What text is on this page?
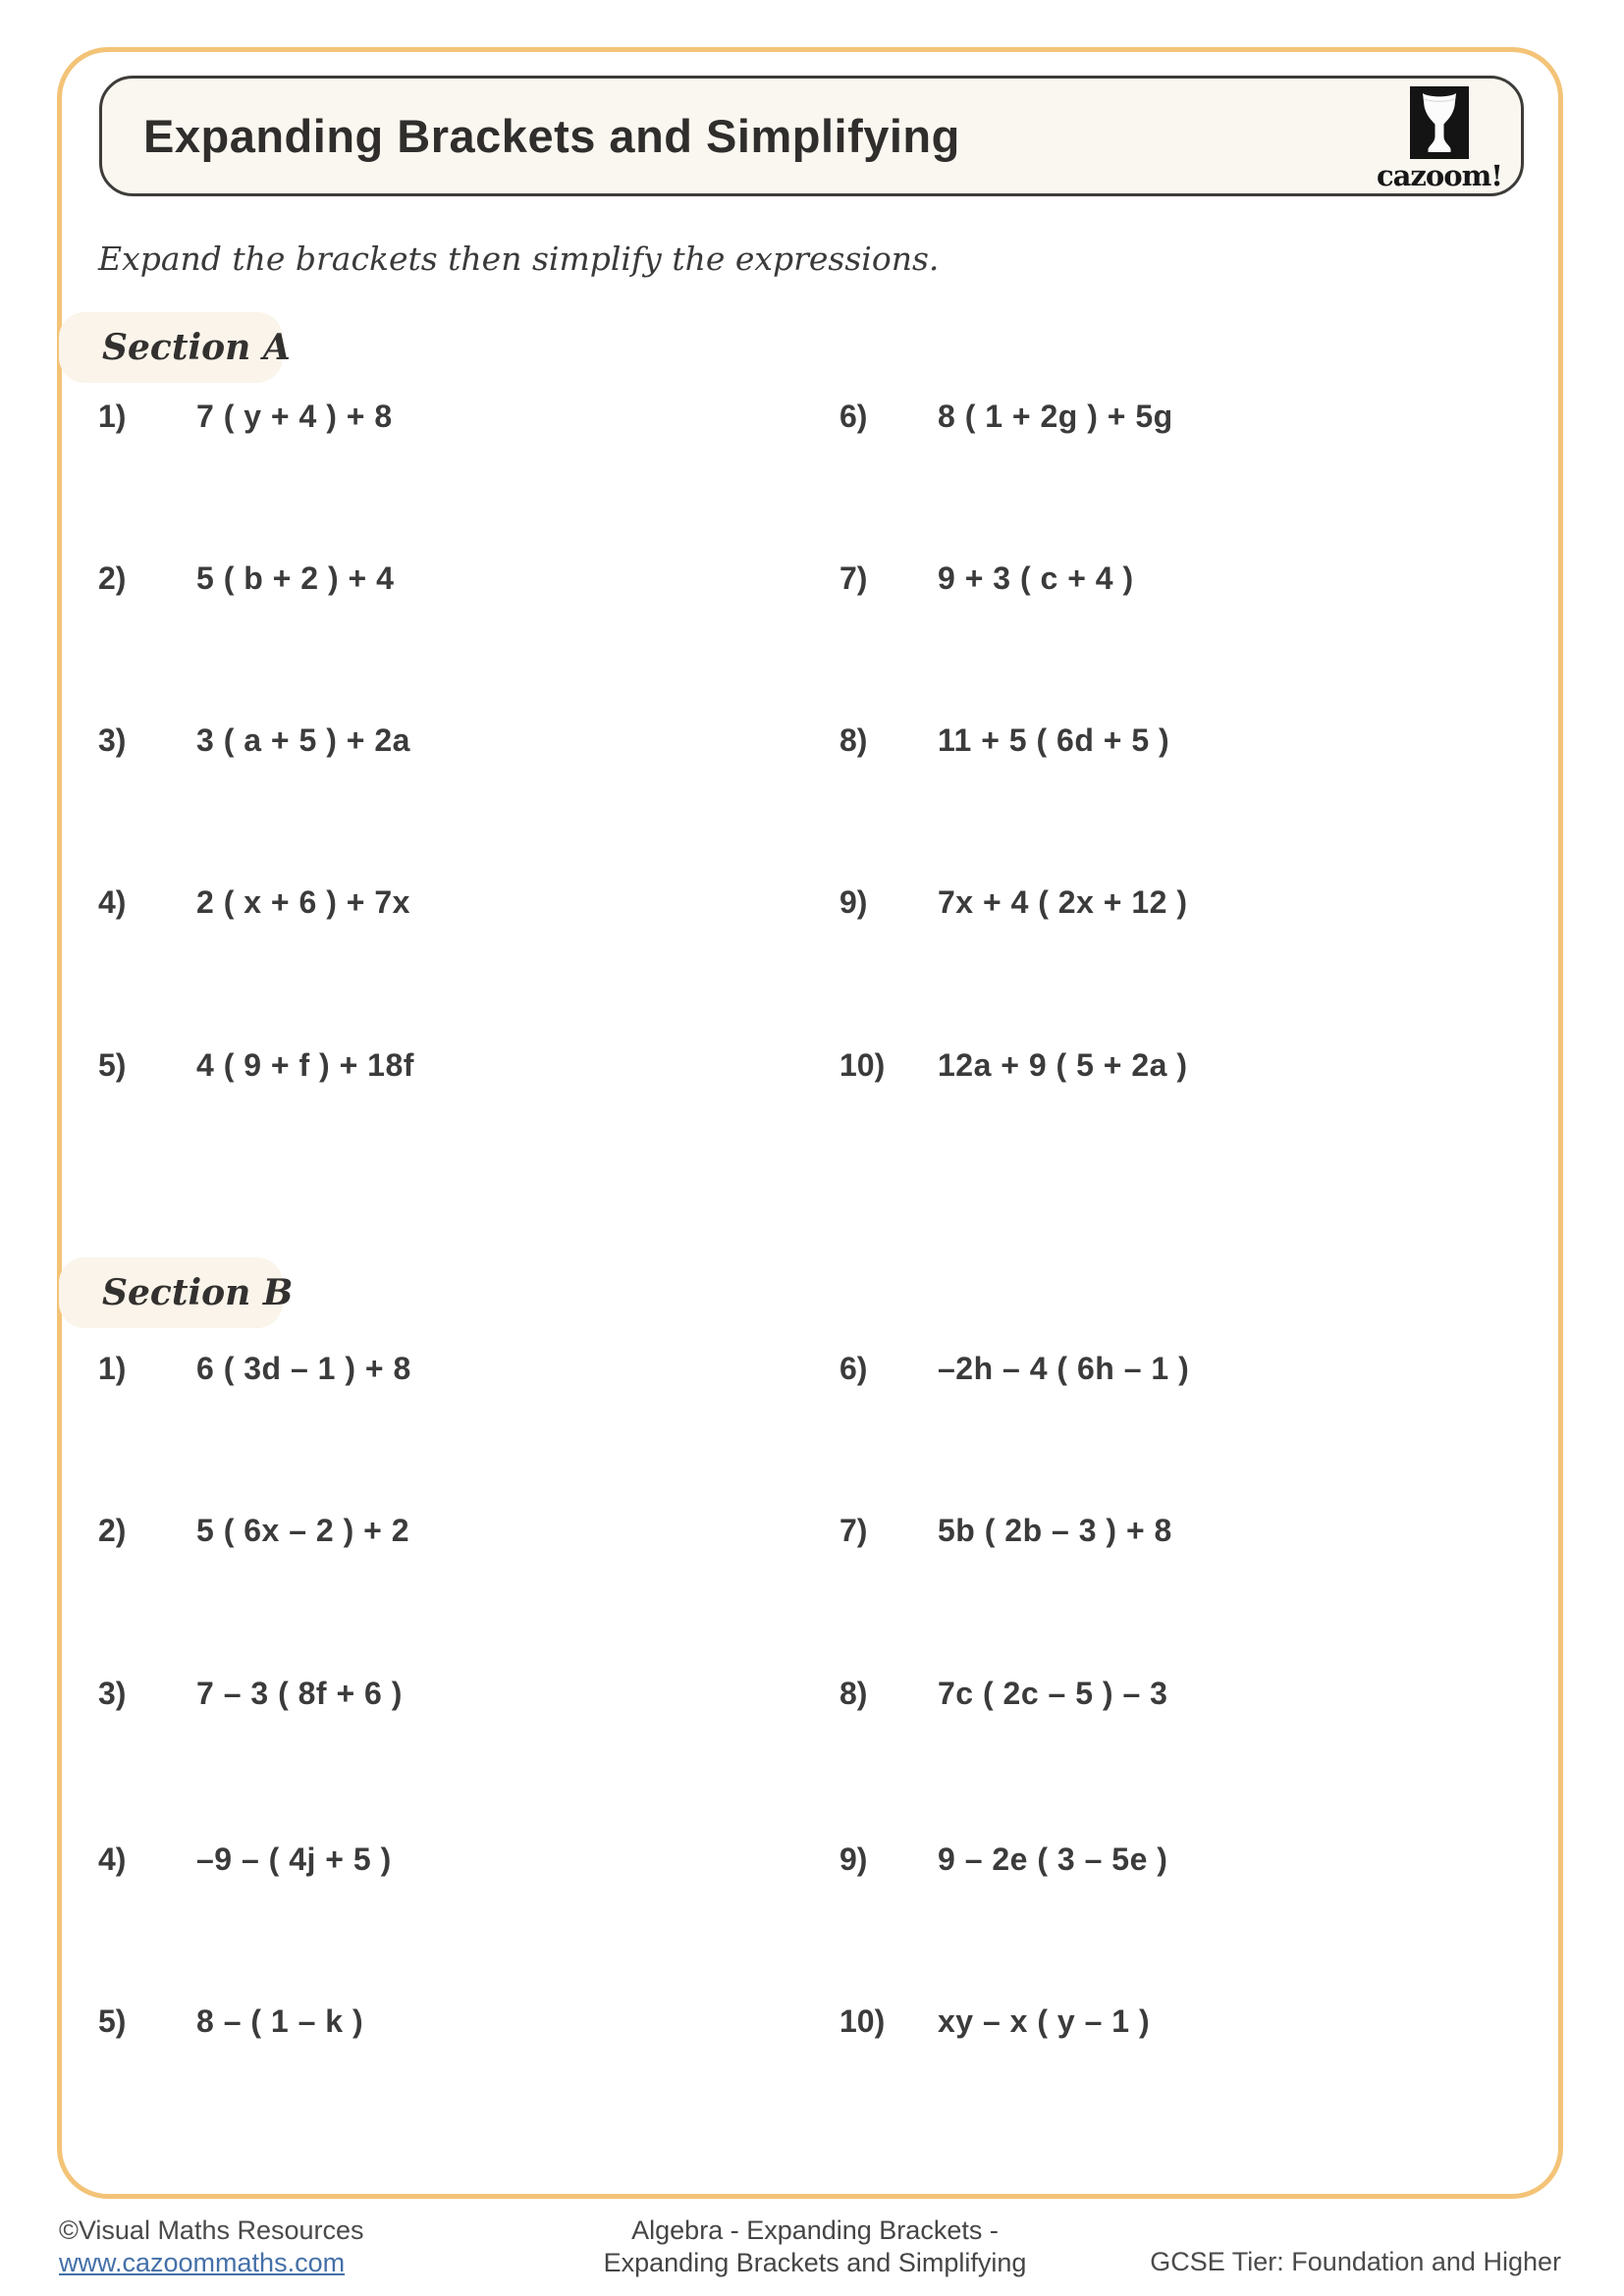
Expanding Brackets and Simplifying
cazoom!
Expand the brackets then simplify the expressions.
Section A
1) 7 ( y + 4 ) + 8
2) 5 ( b + 2 ) + 4
3) 3 ( a + 5 ) + 2a
4) 2 ( x + 6 ) + 7x
5) 4 ( 9 + f ) + 18f
6) 8 ( 1 + 2g ) + 5g
7) 9 + 3 ( c + 4 )
8) 11 + 5 ( 6d + 5 )
9) 7x + 4 ( 2x + 12 )
10) 12a + 9 ( 5 + 2a )
Section B
1) 6 ( 3d – 1 ) + 8
2) 5 ( 6x – 2 ) + 2
3) 7 – 3 ( 8f + 6 )
4) –9 – ( 4j + 5 )
5) 8 – ( 1 – k )
6) –2h – 4 ( 6h – 1 )
7) 5b ( 2b – 3 ) + 8
8) 7c ( 2c – 5 ) – 3
9) 9 – 2e ( 3 – 5e )
10) xy – x ( y – 1 )
©Visual Maths Resources
www.cazoommaths.com
Algebra - Expanding Brackets -
Expanding Brackets and Simplifying	GCSE Tier: Foundation and Higher
